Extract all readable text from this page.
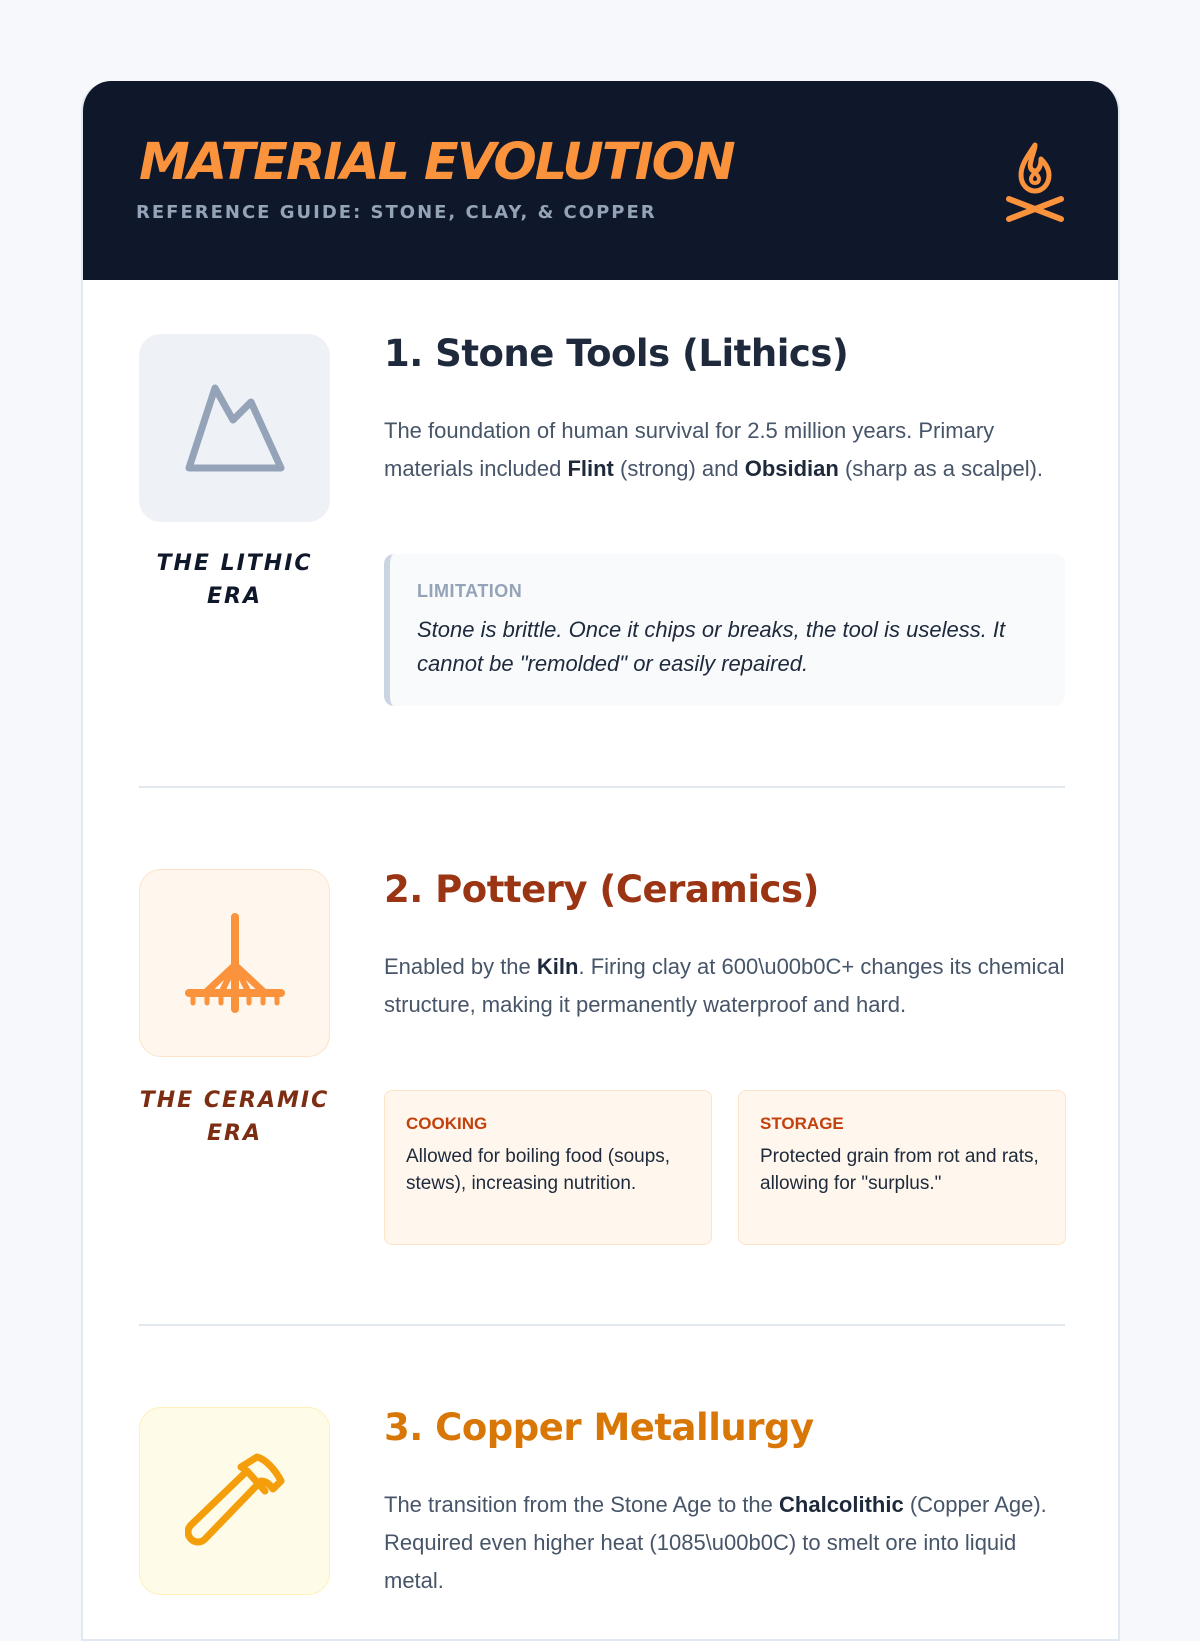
MATERIAL EVOLUTION
REFERENCE GUIDE: STONE, CLAY, & COPPER
THE LITHIC ERA
1. Stone Tools (Lithics)
The foundation of human survival for 2.5 million years. Primary materials included Flint (strong) and Obsidian (sharp as a scalpel).
LIMITATION
Stone is brittle. Once it chips or breaks, the tool is useless. It cannot be "remolded" or easily repaired.
THE CERAMIC ERA
2. Pottery (Ceramics)
Enabled by the Kiln. Firing clay at 600\u00b0C+ changes its chemical structure, making it permanently waterproof and hard.
COOKING
Allowed for boiling food (soups, stews), increasing nutrition.
STORAGE
Protected grain from rot and rats, allowing for "surplus."
3. Copper Metallurgy
The transition from the Stone Age to the Chalcolithic (Copper Age). Required even higher heat (1085\u00b0C) to smelt ore into liquid metal.
